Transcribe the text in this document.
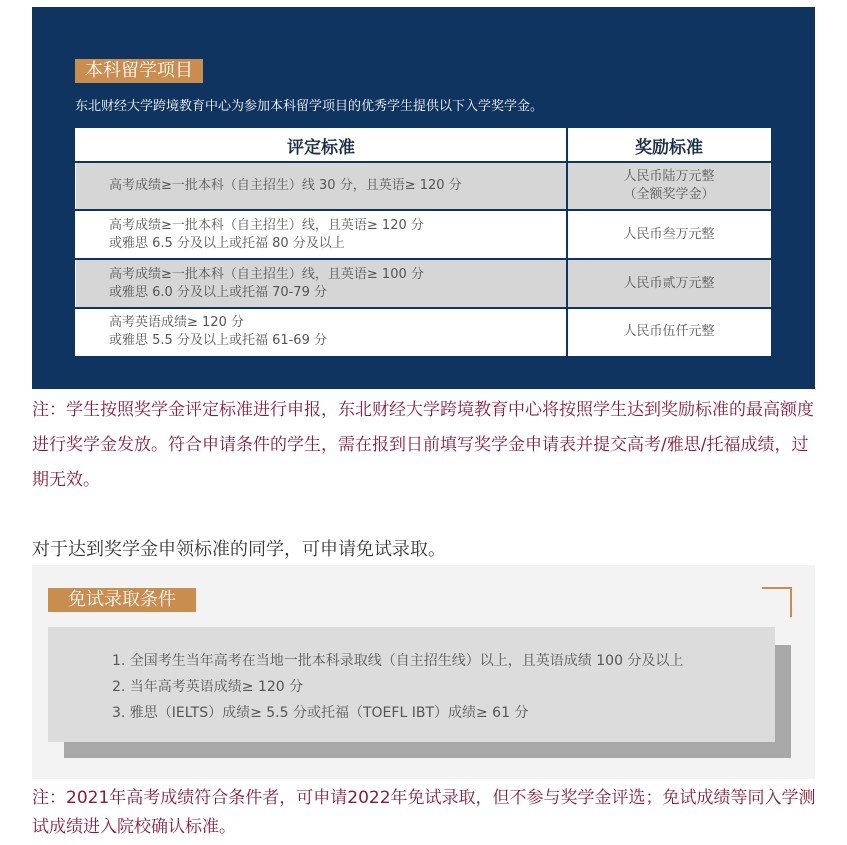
本科留学项目
东北财经大学跨境教育中心为参加本科留学项目的优秀学生提供以下入学奖学金。
评定标准	奖励标准

高考成绩≥一批本科（自主招生）线 30 分，且英语≥ 120 分	人民币陆万元整
（全额奖学金）

高考成绩≥一批本科（自主招生）线，且英语≥ 120 分
或雅思 6.5 分及以上或托福 80 分及以上	人民币叁万元整

高考成绩≥一批本科（自主招生）线，且英语≥ 100 分
或雅思 6.0 分及以上或托福 70-79 分	人民币贰万元整

高考英语成绩≥ 120 分
或雅思 5.5 分及以上或托福 61-69 分	人民币伍仟元整
注：学生按照奖学金评定标准进行申报，东北财经大学跨境教育中心将按照学生达到奖励标准的最高额度进行奖学金发放。符合申请条件的学生，需在报到日前填写奖学金申请表并提交高考/雅思/托福成绩，过期无效。
对于达到奖学金申领标准的同学，可申请免试录取。
免试录取条件
1. 全国考生当年高考在当地一批本科录取线（自主招生线）以上，且英语成绩 100 分及以上
2. 当年高考英语成绩≥ 120 分
3. 雅思（IELTS）成绩≥ 5.5 分或托福（TOEFL IBT）成绩≥ 61 分
注：2021年高考成绩符合条件者，可申请2022年免试录取，但不参与奖学金评选；免试成绩等同入学测试成绩进入院校确认标准。
